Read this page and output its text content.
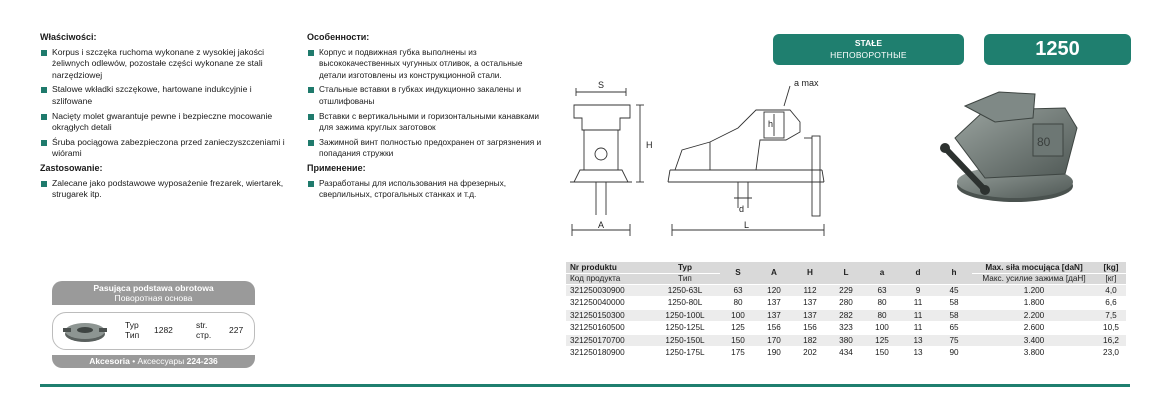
Właściwości:
Korpus i szczęka ruchoma wykonane z wysokiej jakości żeliwnych odlewów, pozostałe części wykonane ze stali narzędziowej
Stalowe wkładki szczękowe, hartowane indukcyjnie i szlifowane
Nacięty molet gwarantuje pewne i bezpieczne mocowanie okrągłych detali
Śruba pociągowa zabezpieczona przed zanieczyszczeniami i wiórami
Zastosowanie:
Zalecane jako podstawowe wyposażenie frezarek, wiertarek, strugarek itp.
Особенности:
Корпус и подвижная губка выполнены из высококачественных чугунных отливок, а остальные детали изготовлены из конструкционной стали.
Стальные вставки в губках индукционно закалены и отшлифованы
Вставки с вертикальными и горизонтальными канавками для зажима круглых заготовок
Зажимной винт полностью предохранен от загрязнения и попадания стружки
Применение:
Разработаны для использования на фрезерных, сверлильных, строгальных станках и т.д.
STAŁE
НЕПОВОРОТНЫЕ	1250
S
H
A
a max
h
d
L
80
Pasująca podstawa obrotowa
Поворотная основа
Typ
Тип 1282	str.
стр. 227
Akcesoria • Аксессуары 224-236
Nr produktu	Typ	S	A	H	L	a	d	h	Max. siła mocująca [daN]	[kg]
Код продукта	Тип								Макс. усилие зажима [даН]	[кг]
321250030900	1250-63L	63	120	112	229	63	9	45	1.200	4,0
321250040000	1250-80L	80	137	137	280	80	11	58	1.800	6,6
321250150300	1250-100L	100	137	137	282	80	11	58	2.200	7,5
321250160500	1250-125L	125	156	156	323	100	11	65	2.600	10,5
321250170700	1250-150L	150	170	182	380	125	13	75	3.400	16,2
321250180900	1250-175L	175	190	202	434	150	13	90	3.800	23,0
